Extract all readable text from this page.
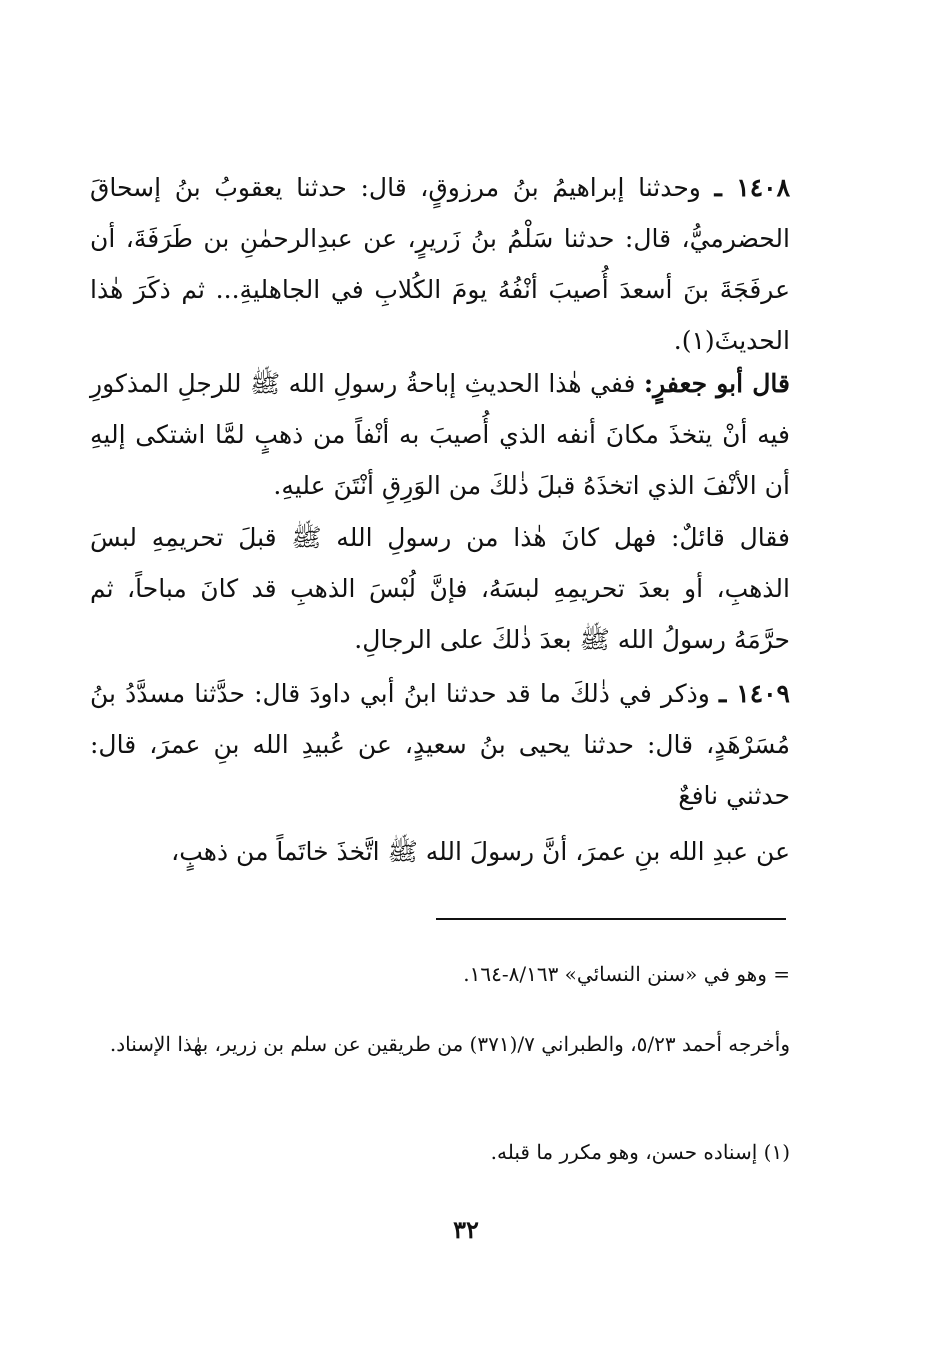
١٤٠٨ ـ وحدثنا إبراهيمُ بنُ مرزوقٍ، قال: حدثنا يعقوبُ بنُ إسحاقَ الحضرميُّ، قال: حدثنا سَلْمُ بنُ زَريرٍ، عن عبدِالرحمٰنِ بن طَرَفَةَ، أن عرفَجَةَ بنَ أسعدَ أُصيبَ أنْفُهُ يومَ الكُلابِ في الجاهليةِ... ثم ذكَرَ هٰذا الحديثَ(١).

قال أبو جعفرٍ: ففي هٰذا الحديثِ إباحةُ رسولِ الله ﷺ للرجلِ المذكورِ فيه أنْ يتخذَ مكانَ أنفه الذي أُصيبَ به أنْفاً من ذهبٍ لمَّا اشتكى إليهِ أن الأنْفَ الذي اتخذَهُ قبلَ ذٰلكَ من الوَرِقِ أنْتَنَ عليهِ.

فقال قائلٌ: فهل كانَ هٰذا من رسولِ الله ﷺ قبلَ تحريمِهِ لبسَ الذهبِ، أو بعدَ تحريمِهِ لبسَهُ، فإنَّ لُبْسَ الذهبِ قد كانَ مباحاً، ثم حرَّمَهُ رسولُ الله ﷺ بعدَ ذٰلكَ على الرجالِ.

١٤٠٩ ـ وذكر في ذٰلكَ ما قد حدثنا ابنُ أبي داودَ قال: حدَّثنا مسدَّدُ بنُ مُسَرْهَدٍ، قال: حدثنا يحيى بنُ سعيدٍ، عن عُبيدِ الله بنِ عمرَ، قال: حدثني نافعٌ

عن عبدِ الله بنِ عمرَ، أنَّ رسولَ الله ﷺ اتَّخذَ خاتَماً من ذهبٍ،

= وهو في «سنن النسائي» ٨/١٦٣-١٦٤.

وأخرجه أحمد ٥/٢٣، والطبراني ٧/(٣٧١) من طريقين عن سلم بن زرير، بهٰذا الإسناد.

(١) إسناده حسن، وهو مكرر ما قبله.

٣٢
